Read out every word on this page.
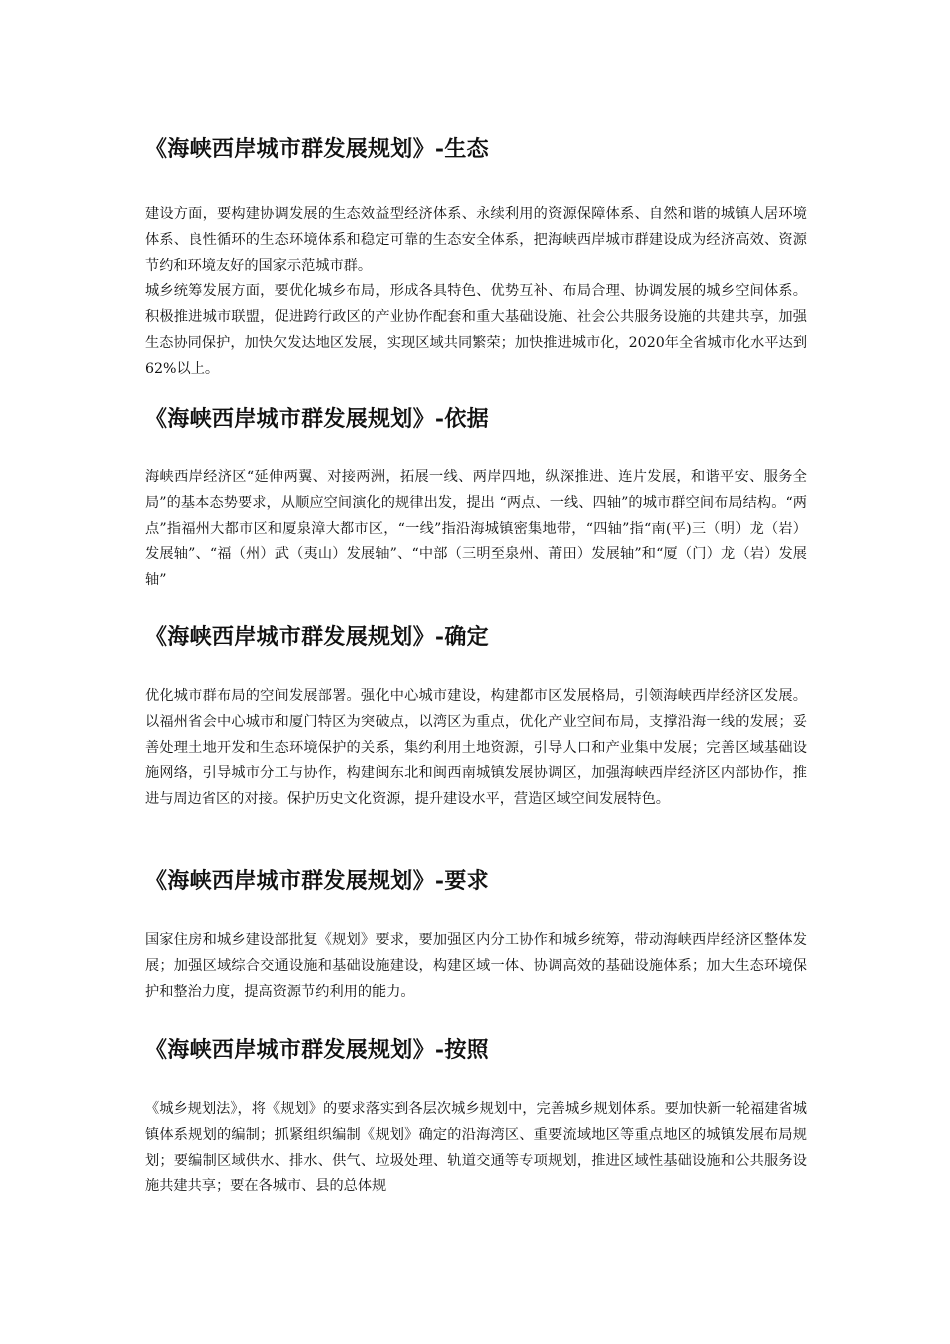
《海峡西岸城市群发展规划》-生态

建设方面，要构建协调发展的生态效益型经济体系、永续利用的资源保障体系、自然和谐的城镇人居环境体系、良性循环的生态环境体系和稳定可靠的生态安全体系，把海峡西岸城市群建设成为经济高效、资源节约和环境友好的国家示范城市群。

城乡统筹发展方面，要优化城乡布局，形成各具特色、优势互补、布局合理、协调发展的城乡空间体系。积极推进城市联盟，促进跨行政区的产业协作配套和重大基础设施、社会公共服务设施的共建共享，加强生态协同保护，加快欠发达地区发展，实现区域共同繁荣；加快推进城市化，2020年全省城市化水平达到62%以上。

《海峡西岸城市群发展规划》-依据

海峡西岸经济区“延伸两翼、对接两洲，拓展一线、两岸四地，纵深推进、连片发展，和谐平安、服务全局”的基本态势要求，从顺应空间演化的规律出发，提出 “两点、一线、四轴”的城市群空间布局结构。“两点”指福州大都市区和厦泉漳大都市区，“一线”指沿海城镇密集地带，“四轴”指“南(平)三（明）龙（岩）发展轴”、“福（州）武（夷山）发展轴”、“中部（三明至泉州、莆田）发展轴”和“厦（门）龙（岩）发展轴”

《海峡西岸城市群发展规划》-确定

优化城市群布局的空间发展部署。强化中心城市建设，构建都市区发展格局，引领海峡西岸经济区发展。以福州省会中心城市和厦门特区为突破点，以湾区为重点，优化产业空间布局，支撑沿海一线的发展；妥善处理土地开发和生态环境保护的关系，集约利用土地资源，引导人口和产业集中发展；完善区域基础设施网络，引导城市分工与协作，构建闽东北和闽西南城镇发展协调区，加强海峡西岸经济区内部协作，推进与周边省区的对接。保护历史文化资源，提升建设水平，营造区域空间发展特色。

《海峡西岸城市群发展规划》-要求

国家住房和城乡建设部批复《规划》要求，要加强区内分工协作和城乡统筹，带动海峡西岸经济区整体发展；加强区域综合交通设施和基础设施建设，构建区域一体、协调高效的基础设施体系；加大生态环境保护和整治力度，提高资源节约利用的能力。

《海峡西岸城市群发展规划》-按照

《城乡规划法》，将《规划》的要求落实到各层次城乡规划中，完善城乡规划体系。要加快新一轮福建省城镇体系规划的编制；抓紧组织编制《规划》确定的沿海湾区、重要流域地区等重点地区的城镇发展布局规划；要编制区域供水、排水、供气、垃圾处理、轨道交通等专项规划，推进区域性基础设施和公共服务设施共建共享；要在各城市、县的总体规
